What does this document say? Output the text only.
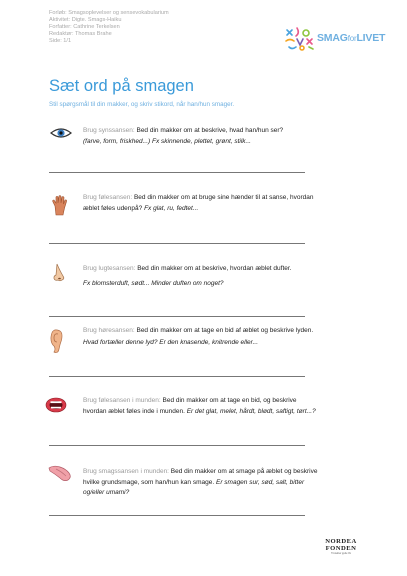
Forløb: Smagsoplevelser og sensevokabularium
Aktivitet: Digte. Smags-Haiku
Forfatter: Cathrine Terkelsen
Redaktør: Thomas Brahe
Side: 1/1	SMAGforLIVET
Sæt ord på smagen
Stil spørgsmål til din makker, og skriv stikord, når han/hun smager.
Brug synssansen: Bed din makker om at beskrive, hvad han/hun ser?
(farve, form, friskhed...) Fx skinnende, plettet, grønt, stilk...
Brug følesansen: Bed din makker om at bruge sine hænder til at sanse, hvordan
æblet føles udenpå? Fx glat, ru, fedtet...
Brug lugtesansen: Bed din makker om at beskrive, hvordan æblet dufter.
Fx blomsterduft, sødt... Minder duften om noget?
Brug høresansen: Bed din makker om at tage en bid af æblet og beskrive lyden.
Hvad fortæller denne lyd? Er den knasende, knitrende eller...
Brug følesansen i munden: Bed din makker om at tage en bid, og beskrive
hvordan æblet føles inde i munden. Er det glat, melet, hårdt, blødt, saftigt, tørt...?
Brug smagssansen i munden: Bed din makker om at smage på æblet og beskrive
hvilke grundsmage, som han/hun kan smage. Er smagen sur, sød, salt, bitter
og/eller umami?
NORDEA
FONDEN
Vi støtter gode liv
